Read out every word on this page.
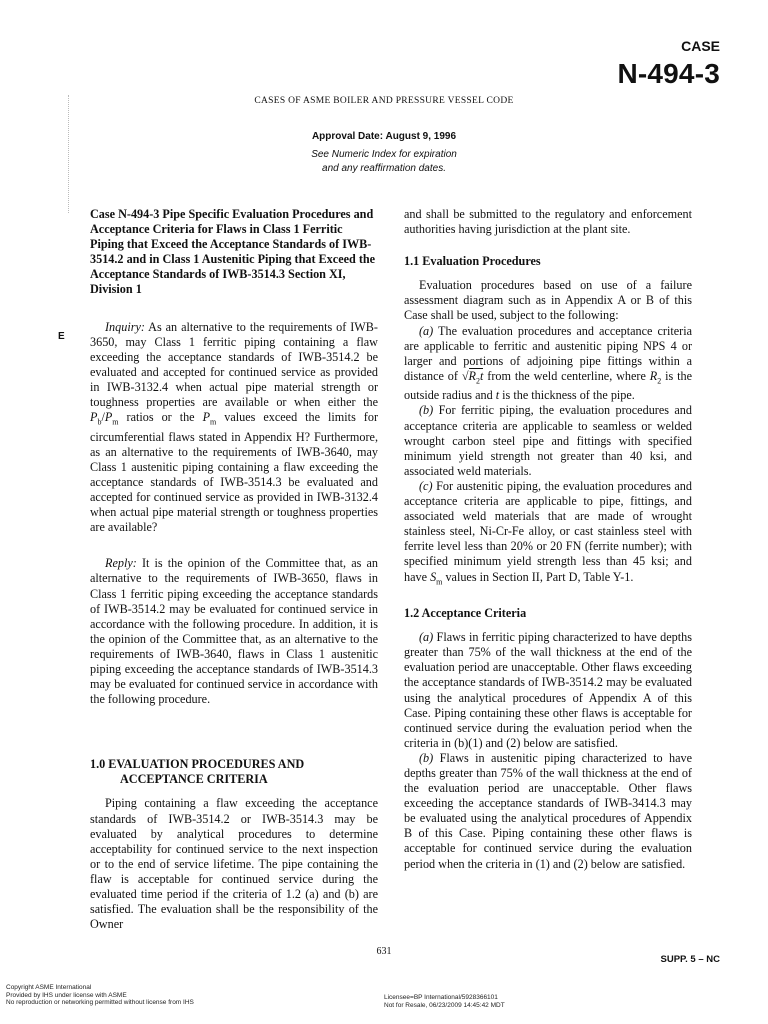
CASE
N-494-3
CASES OF ASME BOILER AND PRESSURE VESSEL CODE
Approval Date: August 9, 1996
See Numeric Index for expiration
and any reaffirmation dates.
E

Case N-494-3 Pipe Specific Evaluation Procedures and Acceptance Criteria for Flaws in Class 1 Ferritic Piping that Exceed the Acceptance Standards of IWB-3514.2 and in Class 1 Austenitic Piping that Exceed the Acceptance Standards of IWB-3514.3 Section XI, Division 1

Inquiry: As an alternative to the requirements of IWB-3650, may Class 1 ferritic piping containing a flaw exceeding the acceptance standards of IWB-3514.2 be evaluated and accepted for continued service as provided in IWB-3132.4 when actual pipe material strength or toughness properties are available or when either the $P_b/P_m$ ratios or the $P_m$ values exceed the limits for circumferential flaws stated in Appendix H? Furthermore, as an alternative to the requirements of IWB-3640, may Class 1 austenitic piping containing a flaw exceeding the acceptance standards of IWB-3514.3 be evaluated and accepted for continued service as provided in IWB-3132.4 when actual pipe material strength or toughness properties are available?

Reply: It is the opinion of the Committee that, as an alternative to the requirements of IWB-3650, flaws in Class 1 ferritic piping exceeding the acceptance standards of IWB-3514.2 may be evaluated for continued service in accordance with the following procedure. In addition, it is the opinion of the Committee that, as an alternative to the requirements of IWB-3640, flaws in Class 1 austenitic piping exceeding the acceptance standards of IWB-3514.3 may be evaluated for continued service in accordance with the following procedure.

1.0 EVALUATION PROCEDURES AND ACCEPTANCE CRITERIA

Piping containing a flaw exceeding the acceptance standards of IWB-3514.2 or IWB-3514.3 may be evaluated by analytical procedures to determine acceptability for continued service to the next inspection or to the end of service lifetime. The pipe containing the flaw is acceptable for continued service during the evaluated time period if the criteria of 1.2 (a) and (b) are satisfied. The evaluation shall be the responsibility of the Owner

and shall be submitted to the regulatory and enforcement authorities having jurisdiction at the plant site.

1.1 Evaluation Procedures

Evaluation procedures based on use of a failure assessment diagram such as in Appendix A or B of this Case shall be used, subject to the following:

(a) The evaluation procedures and acceptance criteria are applicable to ferritic and austenitic piping NPS 4 or larger and portions of adjoining pipe fittings within a distance of $√R_2t$ from the weld centerline, where $R_2$ is the outside radius and t is the thickness of the pipe.

(b) For ferritic piping, the evaluation procedures and acceptance criteria are applicable to seamless or welded wrought carbon steel pipe and fittings with specified minimum yield strength not greater than 40 ksi, and associated weld materials.

(c) For austenitic piping, the evaluation procedures and acceptance criteria are applicable to pipe, fittings, and associated weld materials that are made of wrought stainless steel, Ni-Cr-Fe alloy, or cast stainless steel with ferrite level less than 20% or 20 FN (ferrite number); with specified minimum yield strength less than 45 ksi; and have $S_m$ values in Section II, Part D, Table Y-1.

1.2 Acceptance Criteria

(a) Flaws in ferritic piping characterized to have depths greater than 75% of the wall thickness at the end of the evaluation period are unacceptable. Other flaws exceeding the acceptance standards of IWB-3514.2 may be evaluated using the analytical procedures of Appendix A of this Case. Piping containing these other flaws is acceptable for continued service during the evaluation period when the criteria in (b)(1) and (2) below are satisfied.

(b) Flaws in austenitic piping characterized to have depths greater than 75% of the wall thickness at the end of the evaluation period are unacceptable. Other flaws exceeding the acceptance standards of IWB-3414.3 may be evaluated using the analytical procedures of Appendix B of this Case. Piping containing these other flaws is acceptable for continued service during the evaluation period when the criteria in (1) and (2) below are satisfied.

631
SUPP. 5 – NC
Copyright ASME International
Provided by IHS under license with ASME
No reproduction or networking permitted without license from IHS
Licensee=BP International/5928366101
Not for Resale, 06/23/2009 14:45:42 MDT
